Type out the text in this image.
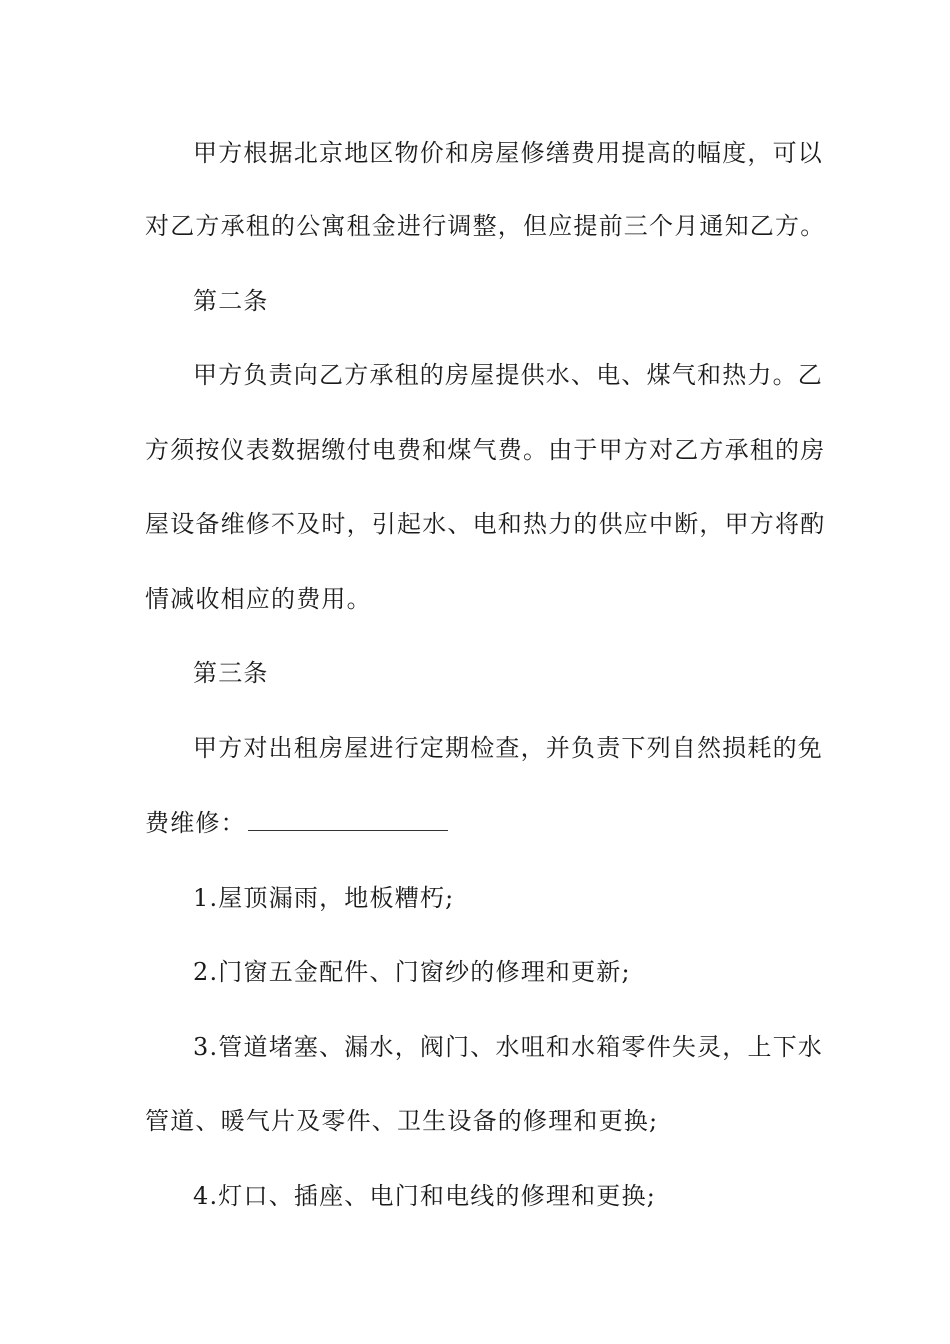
甲方根据北京地区物价和房屋修缮费用提高的幅度，可以
对乙方承租的公寓租金进行调整，但应提前三个月通知乙方。
第二条
甲方负责向乙方承租的房屋提供水、电、煤气和热力。乙
方须按仪表数据缴付电费和煤气费。由于甲方对乙方承租的房
屋设备维修不及时，引起水、电和热力的供应中断，甲方将酌
情减收相应的费用。
第三条
甲方对出租房屋进行定期检查，并负责下列自然损耗的免
费维修：
1.屋顶漏雨，地板糟朽;
2.门窗五金配件、门窗纱的修理和更新;
3.管道堵塞、漏水，阀门、水咀和水箱零件失灵，上下水
管道、暖气片及零件、卫生设备的修理和更换;
4.灯口、插座、电门和电线的修理和更换;
